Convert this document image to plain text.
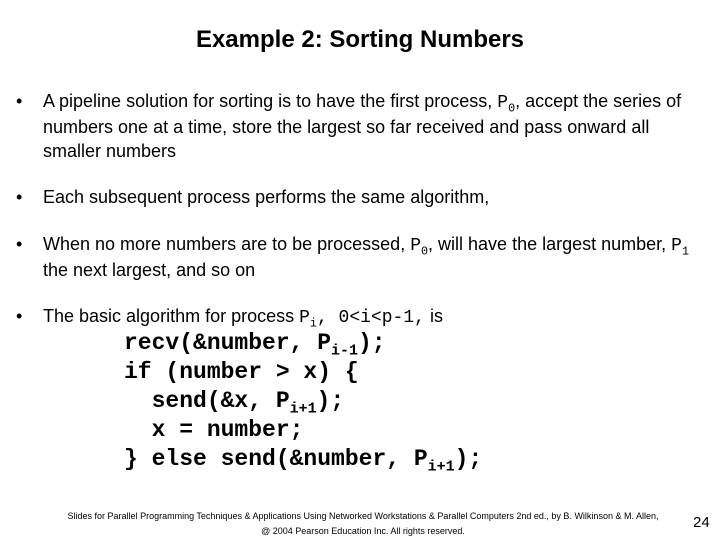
Example 2: Sorting Numbers
• A pipeline solution for sorting is to have the first process, $P_0$, accept the series of numbers one at a time, store the largest so far received and pass onward all smaller numbers
• Each subsequent process performs the same algorithm,
• When no more numbers are to be processed, $P_0$, will have the largest number, $P_1$ the next largest, and so on
• The basic algorithm for process $P_i$, 0<i<p-1, is
recv(&number, $P_{i-1}$);
if (number > x) {
send(&x, $P_{i+1}$);
x = number;
} else send(&number, $P_{i+1}$);
Slides for Parallel Programming Techniques & Applications Using Networked Workstations & Parallel Computers 2nd ed., by B. Wilkinson & M. Allen,
@ 2004 Pearson Education Inc. All rights reserved.	24
